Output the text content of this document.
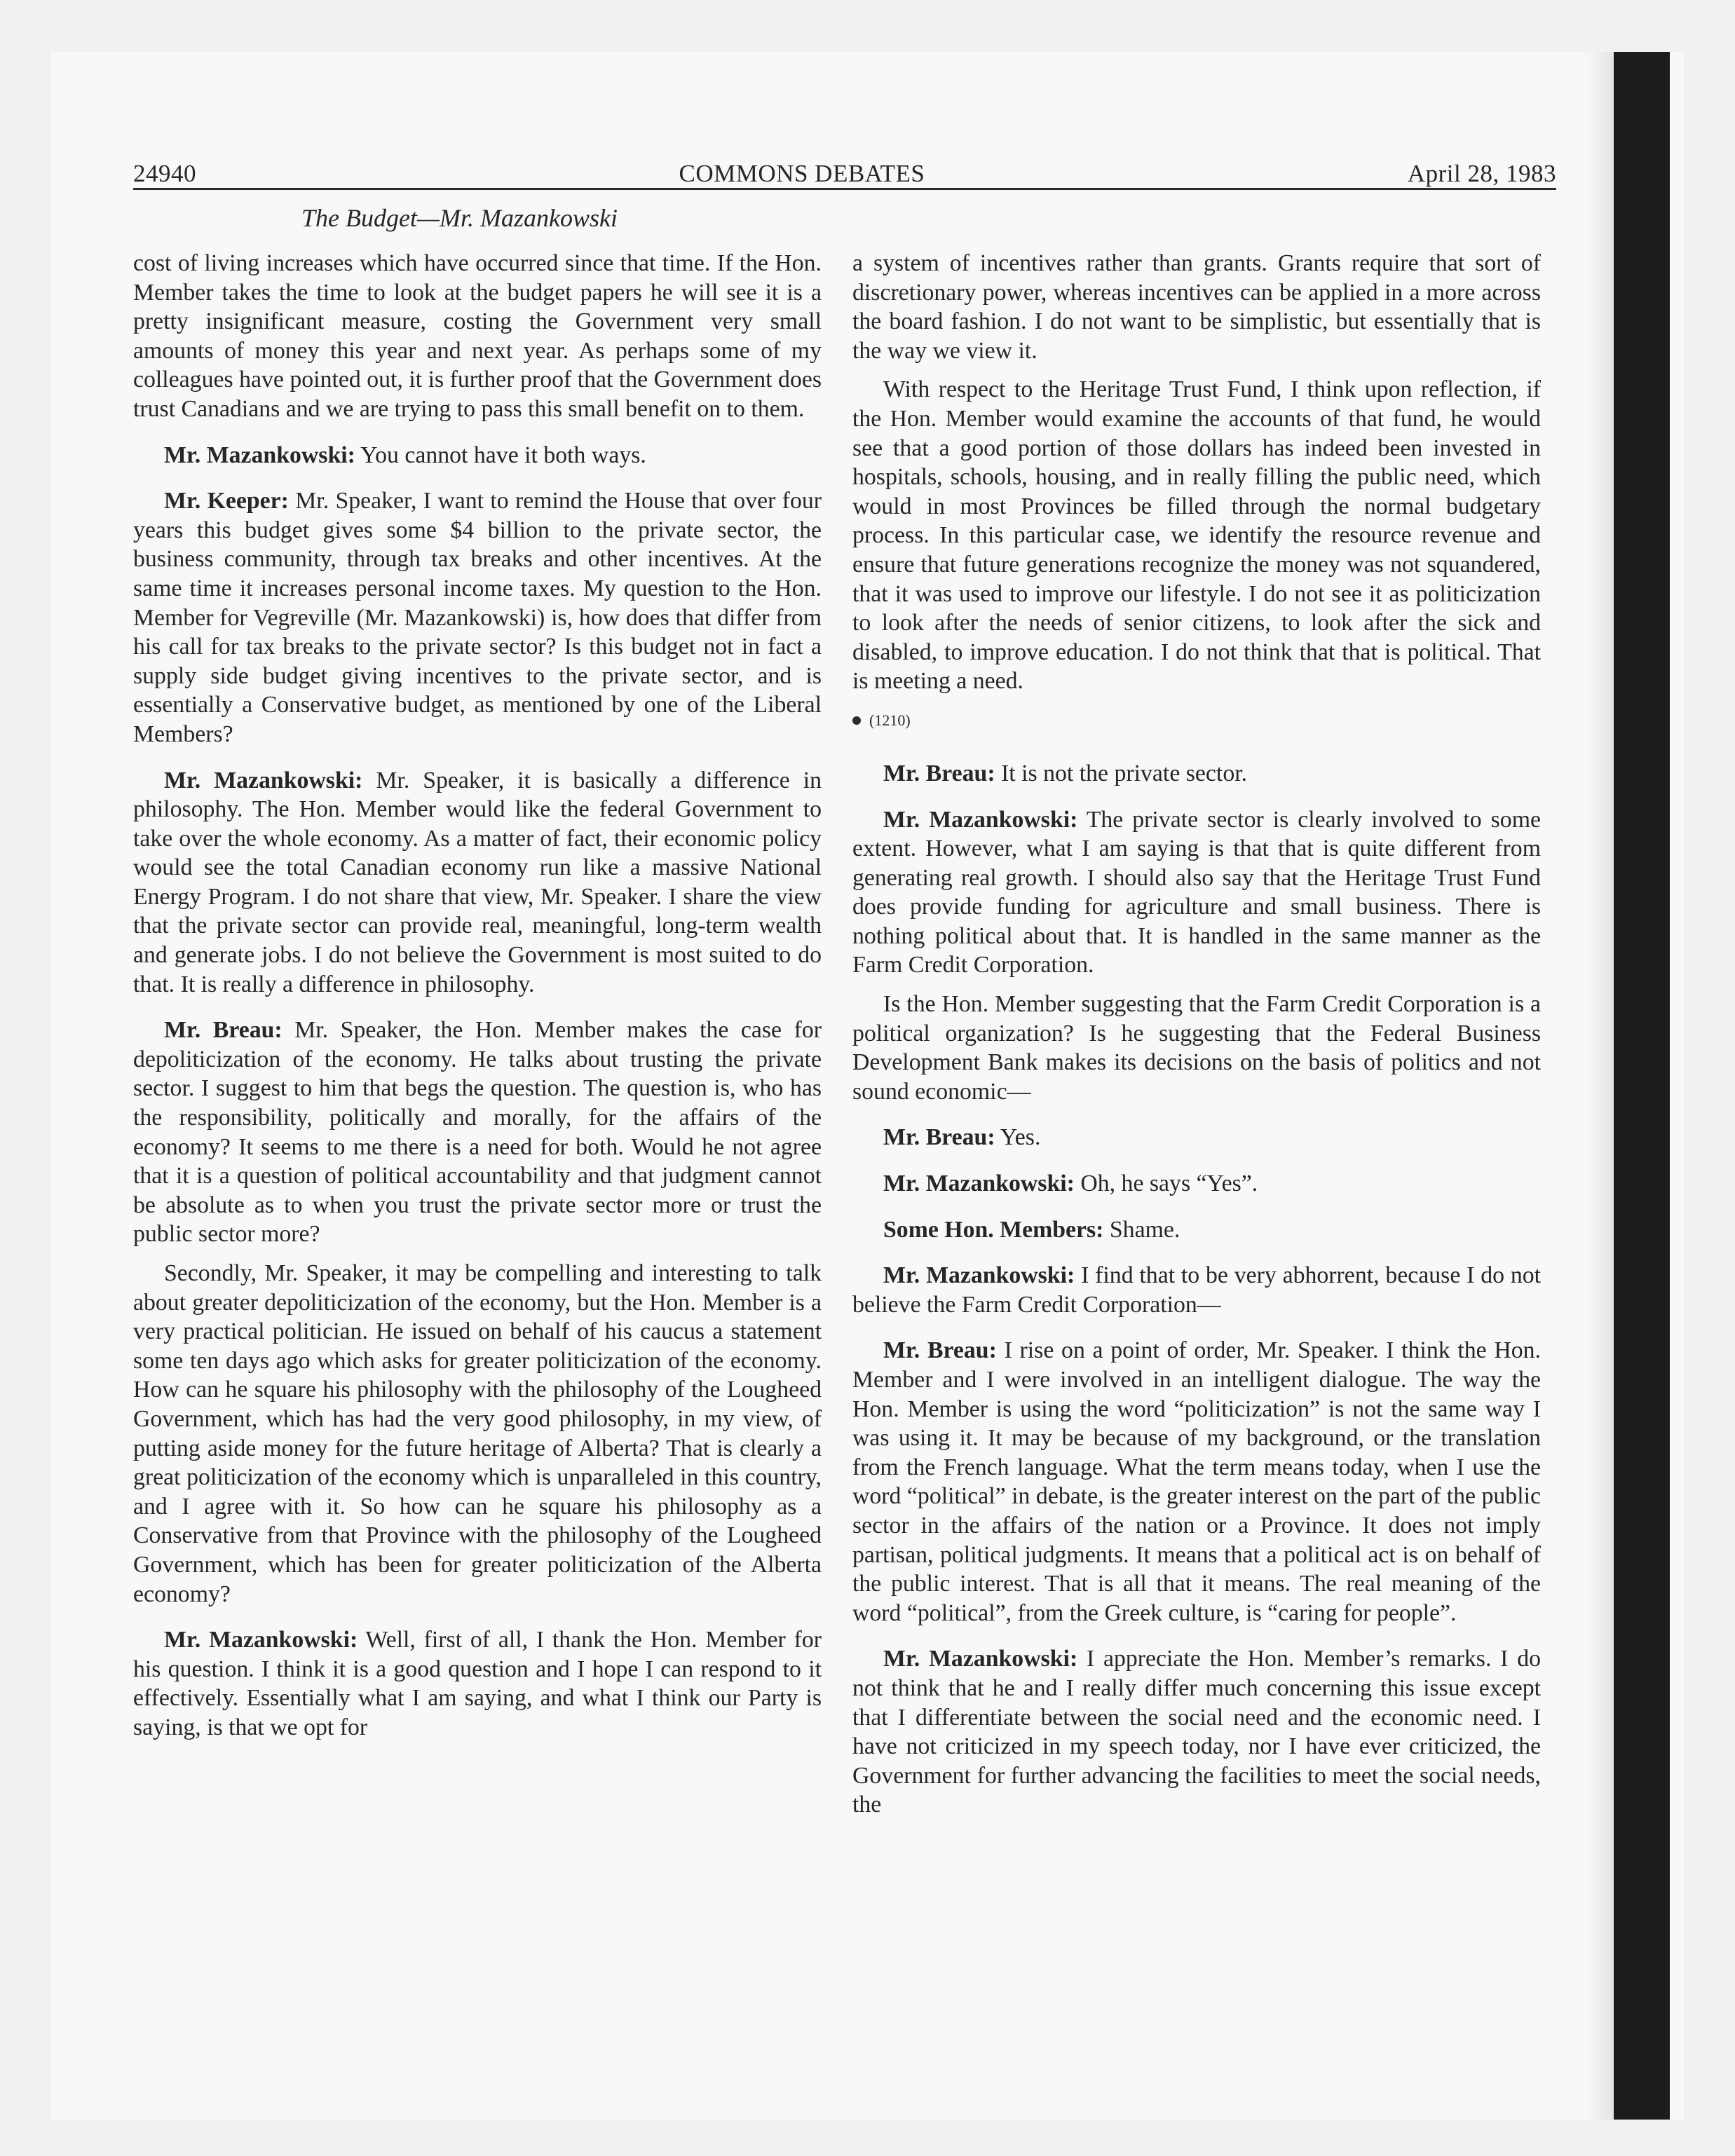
24940	COMMONS DEBATES	April 28, 1983
The Budget—Mr. Mazankowski

cost of living increases which have occurred since that time. If the Hon. Member takes the time to look at the budget papers he will see it is a pretty insignificant measure, costing the Government very small amounts of money this year and next year. As perhaps some of my colleagues have pointed out, it is further proof that the Government does trust Canadians and we are trying to pass this small benefit on to them.

Mr. Mazankowski: You cannot have it both ways.

Mr. Keeper: Mr. Speaker, I want to remind the House that over four years this budget gives some $4 billion to the private sector, the business community, through tax breaks and other incentives. At the same time it increases personal income taxes. My question to the Hon. Member for Vegreville (Mr. Mazankowski) is, how does that differ from his call for tax breaks to the private sector? Is this budget not in fact a supply side budget giving incentives to the private sector, and is essentially a Conservative budget, as mentioned by one of the Liberal Members?

Mr. Mazankowski: Mr. Speaker, it is basically a difference in philosophy. The Hon. Member would like the federal Government to take over the whole economy. As a matter of fact, their economic policy would see the total Canadian economy run like a massive National Energy Program. I do not share that view, Mr. Speaker. I share the view that the private sector can provide real, meaningful, long-term wealth and generate jobs. I do not believe the Government is most suited to do that. It is really a difference in philosophy.

Mr. Breau: Mr. Speaker, the Hon. Member makes the case for depoliticization of the economy. He talks about trusting the private sector. I suggest to him that begs the question. The question is, who has the responsibility, politically and morally, for the affairs of the economy? It seems to me there is a need for both. Would he not agree that it is a question of political accountability and that judgment cannot be absolute as to when you trust the private sector more or trust the public sector more?

Secondly, Mr. Speaker, it may be compelling and interesting to talk about greater depoliticization of the economy, but the Hon. Member is a very practical politician. He issued on behalf of his caucus a statement some ten days ago which asks for greater politicization of the economy. How can he square his philosophy with the philosophy of the Lougheed Government, which has had the very good philosophy, in my view, of putting aside money for the future heritage of Alberta? That is clearly a great politicization of the economy which is unparalleled in this country, and I agree with it. So how can he square his philosophy as a Conservative from that Province with the philosophy of the Lougheed Government, which has been for greater politicization of the Alberta economy?

Mr. Mazankowski: Well, first of all, I thank the Hon. Member for his question. I think it is a good question and I hope I can respond to it effectively. Essentially what I am saying, and what I think our Party is saying, is that we opt for

a system of incentives rather than grants. Grants require that sort of discretionary power, whereas incentives can be applied in a more across the board fashion. I do not want to be simplistic, but essentially that is the way we view it.

With respect to the Heritage Trust Fund, I think upon reflection, if the Hon. Member would examine the accounts of that fund, he would see that a good portion of those dollars has indeed been invested in hospitals, schools, housing, and in really filling the public need, which would in most Provinces be filled through the normal budgetary process. In this particular case, we identify the resource revenue and ensure that future generations recognize the money was not squandered, that it was used to improve our lifestyle. I do not see it as politicization to look after the needs of senior citizens, to look after the sick and disabled, to improve education. I do not think that that is political. That is meeting a need.

(1210)

Mr. Breau: It is not the private sector.

Mr. Mazankowski: The private sector is clearly involved to some extent. However, what I am saying is that that is quite different from generating real growth. I should also say that the Heritage Trust Fund does provide funding for agriculture and small business. There is nothing political about that. It is handled in the same manner as the Farm Credit Corporation.

Is the Hon. Member suggesting that the Farm Credit Corporation is a political organization? Is he suggesting that the Federal Business Development Bank makes its decisions on the basis of politics and not sound economic—

Mr. Breau: Yes.

Mr. Mazankowski: Oh, he says “Yes”.

Some Hon. Members: Shame.

Mr. Mazankowski: I find that to be very abhorrent, because I do not believe the Farm Credit Corporation—

Mr. Breau: I rise on a point of order, Mr. Speaker. I think the Hon. Member and I were involved in an intelligent dialogue. The way the Hon. Member is using the word “politicization” is not the same way I was using it. It may be because of my background, or the translation from the French language. What the term means today, when I use the word “political” in debate, is the greater interest on the part of the public sector in the affairs of the nation or a Province. It does not imply partisan, political judgments. It means that a political act is on behalf of the public interest. That is all that it means. The real meaning of the word “political”, from the Greek culture, is “caring for people”.

Mr. Mazankowski: I appreciate the Hon. Member’s remarks. I do not think that he and I really differ much concerning this issue except that I differentiate between the social need and the economic need. I have not criticized in my speech today, nor I have ever criticized, the Government for further advancing the facilities to meet the social needs, the
